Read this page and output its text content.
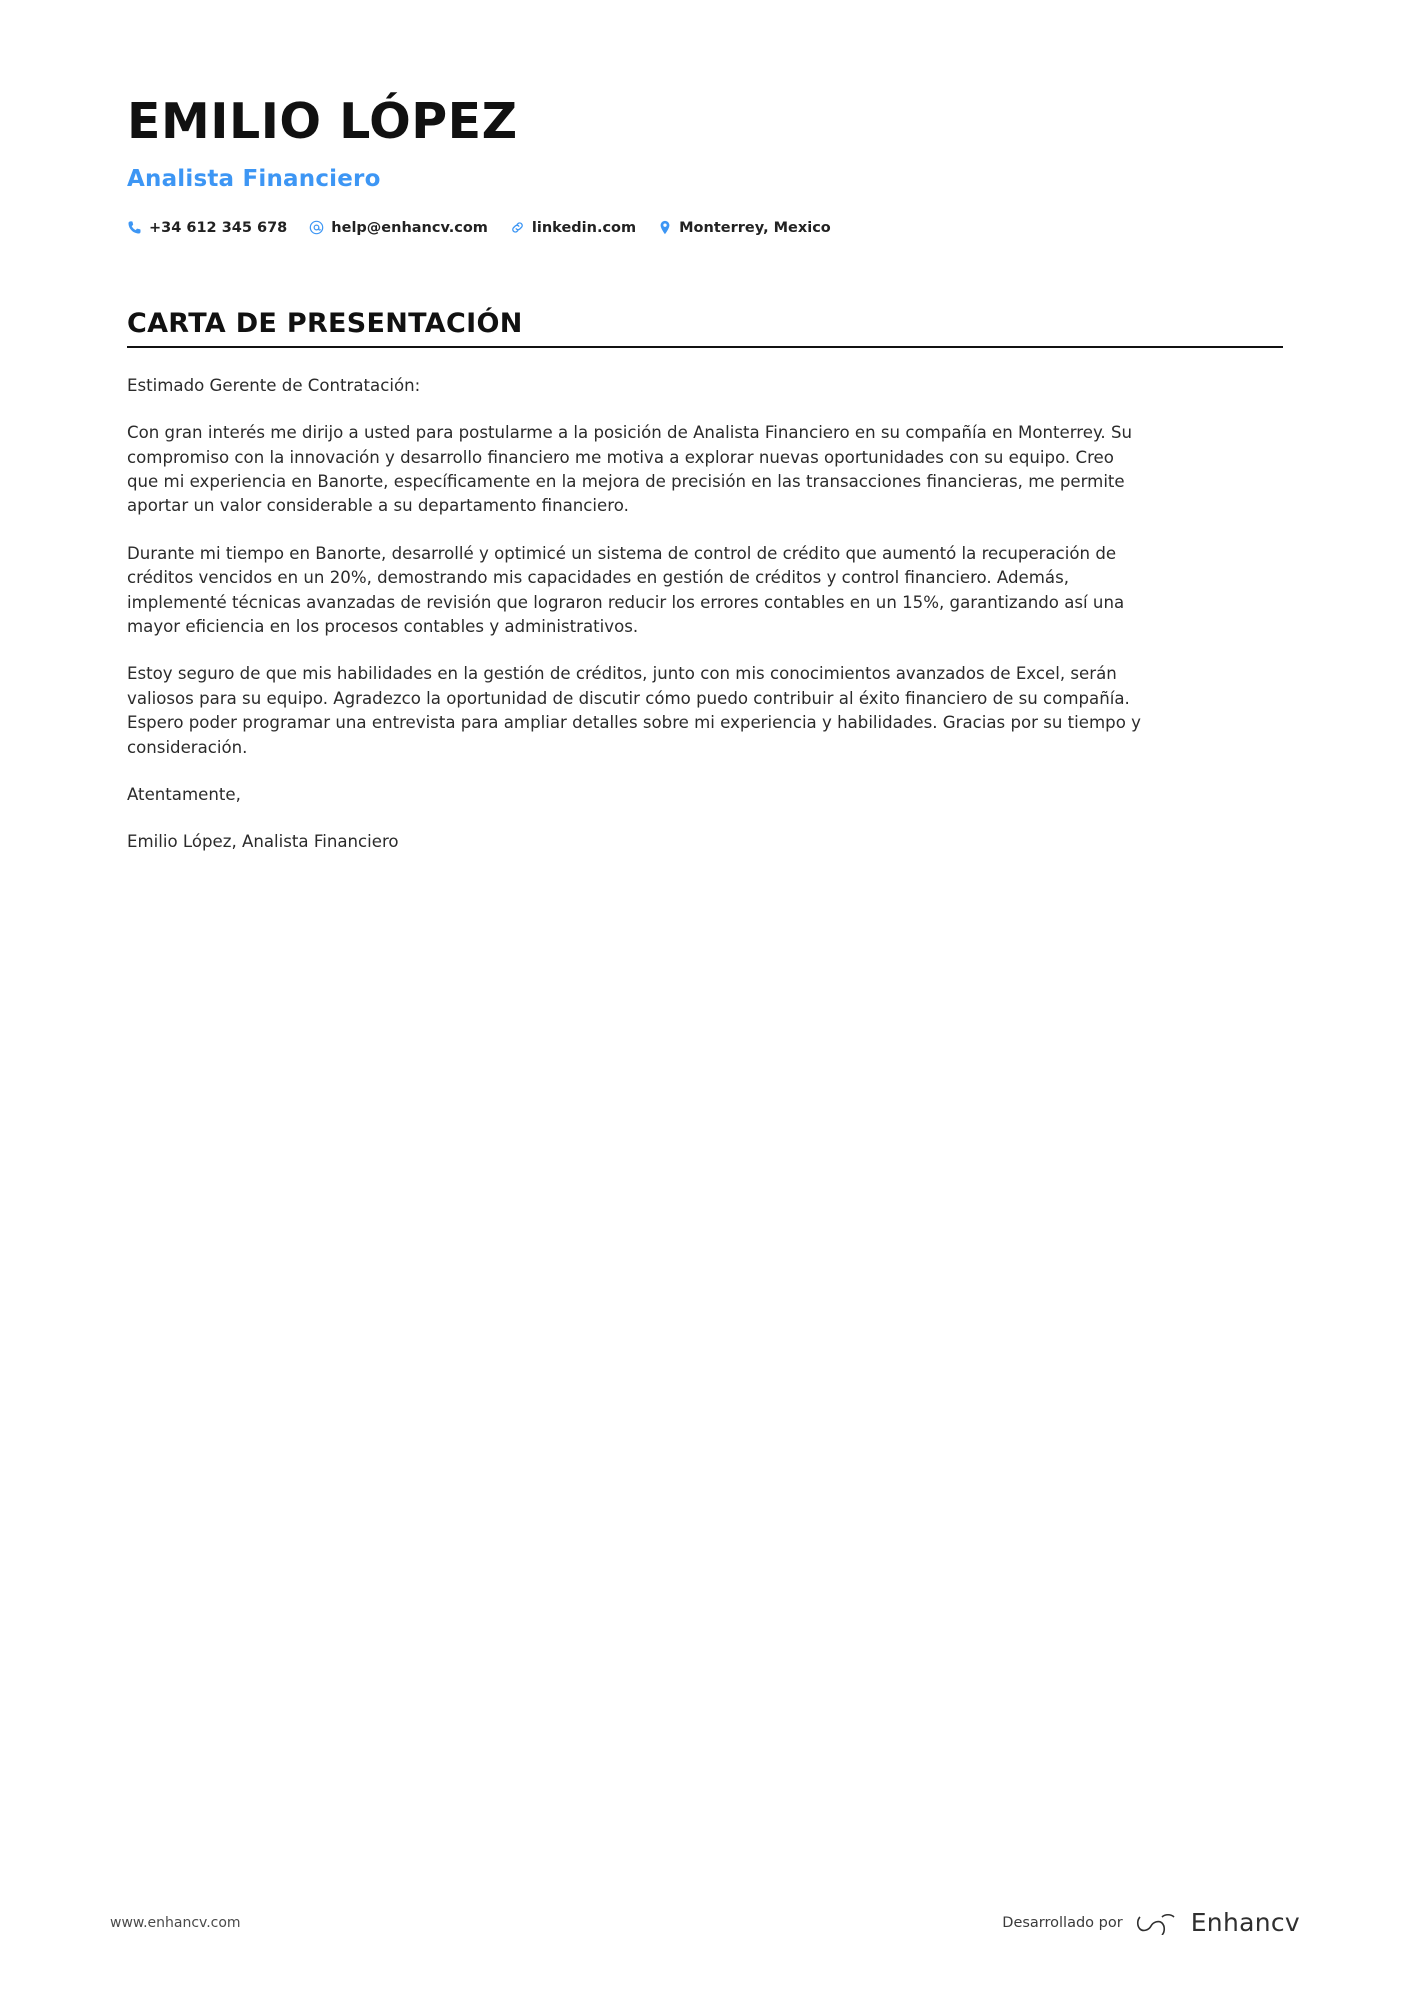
EMILIO LÓPEZ
Analista Financiero
+34 612 345 678	help@enhancv.com	linkedin.com	Monterrey, Mexico
CARTA DE PRESENTACIÓN

Estimado Gerente de Contratación:

Con gran interés me dirijo a usted para postularme a la posición de Analista Financiero en su compañía en Monterrey. Su compromiso con la innovación y desarrollo financiero me motiva a explorar nuevas oportunidades con su equipo. Creo que mi experiencia en Banorte, específicamente en la mejora de precisión en las transacciones financieras, me permite aportar un valor considerable a su departamento financiero.

Durante mi tiempo en Banorte, desarrollé y optimicé un sistema de control de crédito que aumentó la recuperación de créditos vencidos en un 20%, demostrando mis capacidades en gestión de créditos y control financiero. Además, implementé técnicas avanzadas de revisión que lograron reducir los errores contables en un 15%, garantizando así una mayor eficiencia en los procesos contables y administrativos.

Estoy seguro de que mis habilidades en la gestión de créditos, junto con mis conocimientos avanzados de Excel, serán valiosos para su equipo. Agradezco la oportunidad de discutir cómo puedo contribuir al éxito financiero de su compañía. Espero poder programar una entrevista para ampliar detalles sobre mi experiencia y habilidades. Gracias por su tiempo y consideración.

Atentamente,

Emilio López, Analista Financiero

www.enhancv.com	Desarrollado por	Enhancv
